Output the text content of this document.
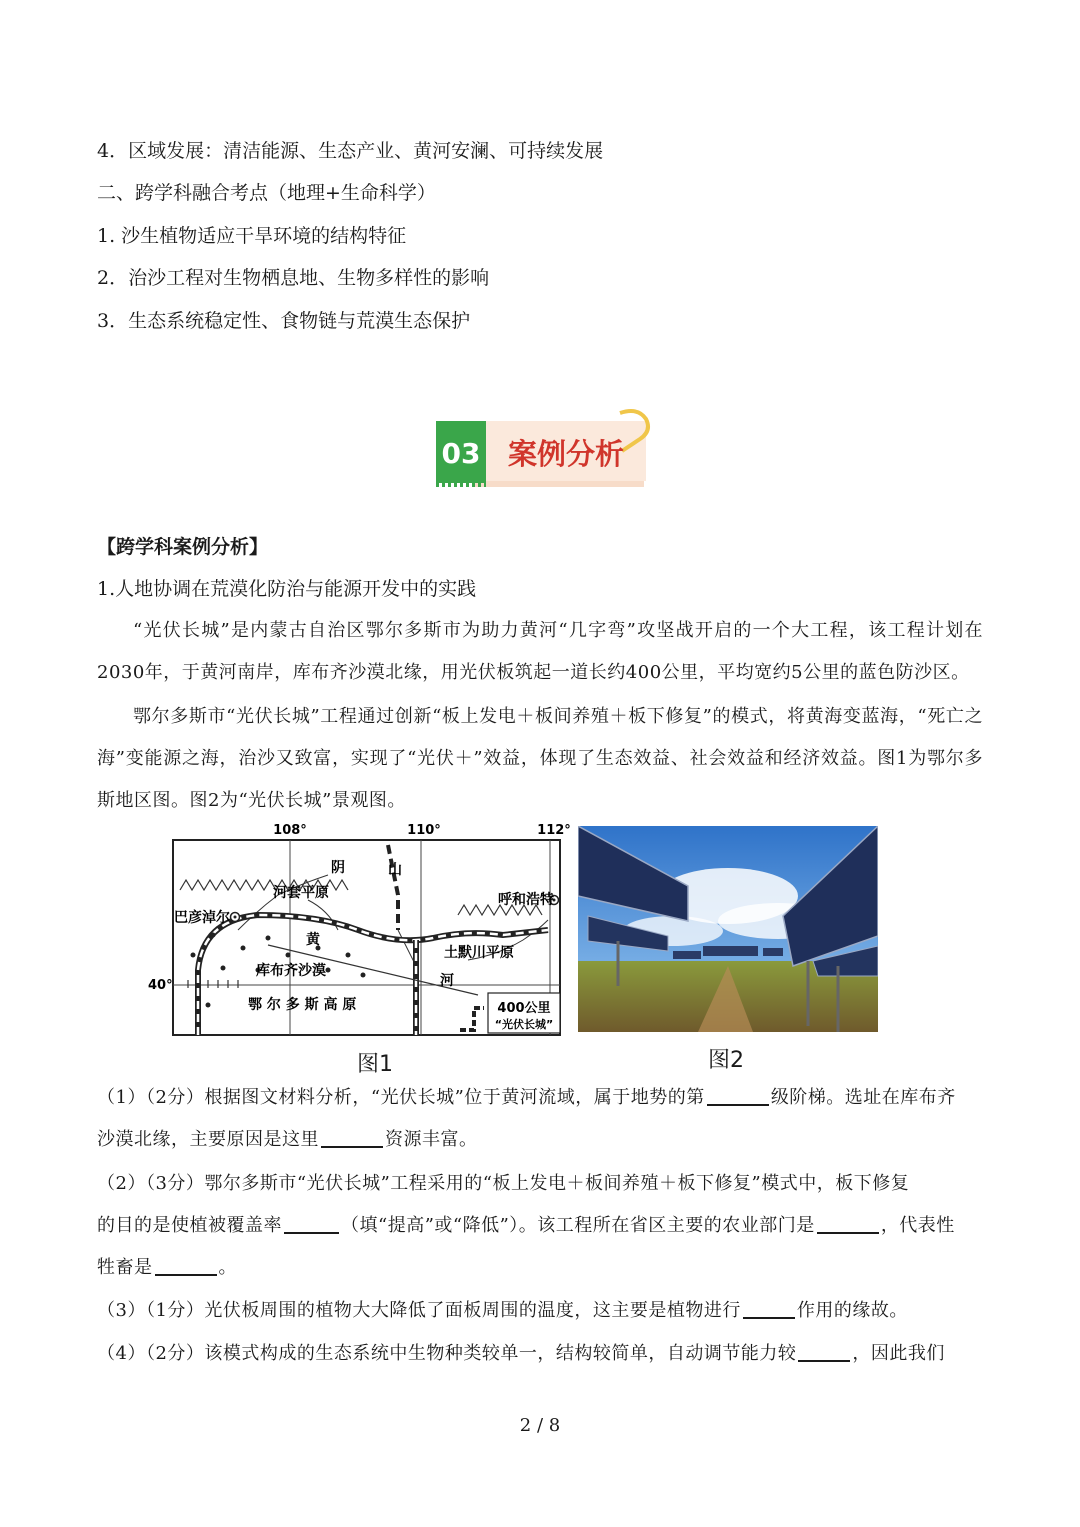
4．区域发展：清洁能源、生态产业、黄河安澜、可持续发展
二、跨学科融合考点（地理+生命科学）
1. 沙生植物适应干旱环境的结构特征
2．治沙工程对生物栖息地、生物多样性的影响
3．生态系统稳定性、食物链与荒漠生态保护
03 案例分析
【跨学科案例分析】
1.人地协调在荒漠化防治与能源开发中的实践
“光伏长城”是内蒙古自治区鄂尔多斯市为助力黄河“几字弯”攻坚战开启的一个大工程，该工程计划在2030年，于黄河南岸，库布齐沙漠北缘，用光伏板筑起一道长约400公里，平均宽约5公里的蓝色防沙区。
鄂尔多斯市“光伏长城”工程通过创新“板上发电＋板间养殖＋板下修复”的模式，将黄海变蓝海，“死亡之海”变能源之海，治沙又致富，实现了“光伏＋”效益，体现了生态效益、社会效益和经济效益。图1为鄂尔多斯地区图。图2为“光伏长城”景观图。
108°	110°	112°
40°
阴	山
河套平原
巴彦淖尔
呼和浩特
黄
土默川平原
库布齐沙漠
河
鄂 尔 多 斯 高 原	400公里
“光伏长城”
图1	图2
（1）（2分）根据图文材料分析，“光伏长城”位于黄河流域，属于地势的第	级阶梯。选址在库布齐
沙漠北缘，主要原因是这里	资源丰富。
（2）（3分）鄂尔多斯市“光伏长城”工程采用的“板上发电＋板间养殖＋板下修复”模式中，板下修复
的目的是使植被覆盖率	（填“提高”或“降低”）。该工程所在省区主要的农业部门是	，代表性
牲畜是	。
（3）（1分）光伏板周围的植物大大降低了面板周围的温度，这主要是植物进行	作用的缘故。
（4）（2分）该模式构成的生态系统中生物种类较单一，结构较简单，自动调节能力较	，因此我们
2 / 8
